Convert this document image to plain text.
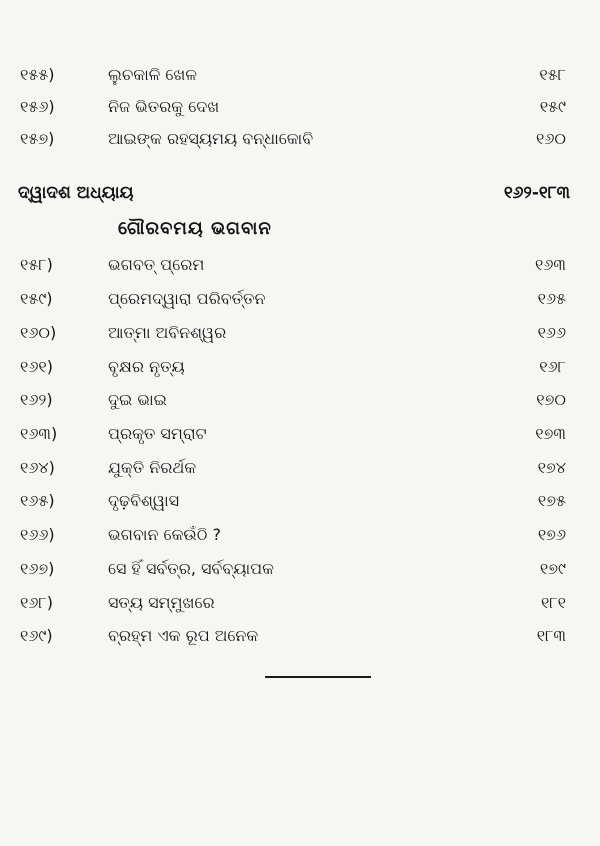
୧୫୫)	ଲୁଚକାଳି ଖେଳ	୧୫୮
୧୫୬)	ନିଜ ଭିତରକୁ ଦେଖ	୧୫୯
୧୫୭)	ଆଇଙ୍କ ରହସ୍ୟମୟ ବନ୍ଧାକୋବି	୧୬୦
ଦ୍ୱାଦଶ ଅଧ୍ୟାୟ	୧୬୨-୧୮୩
ଗୌରବମୟ ଭଗବାନ
୧୫୮)	ଭଗବତ୍ ପ୍ରେମ	୧୬୩
୧୫୯)	ପ୍ରେମଦ୍ୱାରା ପରିବର୍ତ୍ତନ	୧୬୫
୧୬୦)	ଆତ୍ମା ଅବିନଶ୍ୱର	୧୬୬
୧୬୧)	ବୃକ୍ଷର ନୃତ୍ୟ	୧୬୮
୧୬୨)	ଦୁଇ ଭାଇ	୧୭୦
୧୬୩)	ପ୍ରକୃତ ସମ୍ରାଟ	୧୭୩
୧୬୪)	ଯୁକ୍ତି ନିରର୍ଥକ	୧୭୪
୧୬୫)	ଦୃଢ଼ବିଶ୍ୱାସ	୧୭୫
୧୬୬)	ଭଗବାନ କେଉଁଠି ?	୧୭୬
୧୬୭)	ସେ ହିଁ ସର୍ବତ୍ର, ସର୍ବବ୍ୟାପକ	୧୭୯
୧୬୮)	ସତ୍ୟ ସମ୍ମୁଖରେ	୧୮୧
୧୬୯)	ବ୍ରହ୍ମ ଏକ ରୂପ ଅନେକ	୧୮୩
